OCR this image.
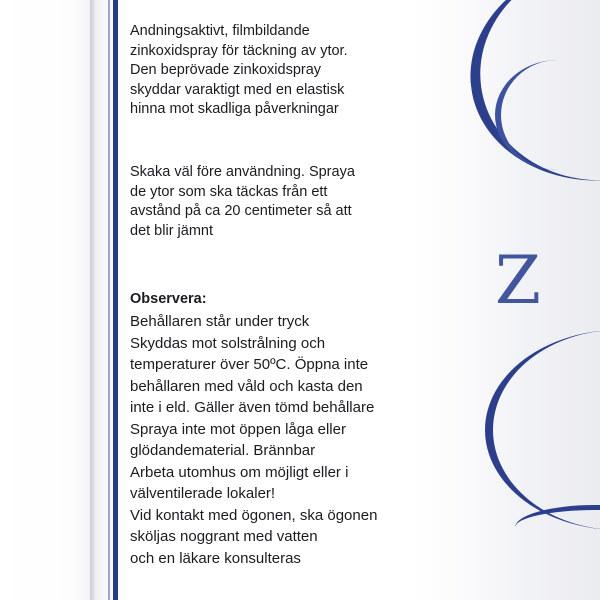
Z
Andningsaktivt, filmbildande
zinkoxidspray för täckning av ytor.
Den beprövade zinkoxidspray
skyddar varaktigt med en elastisk
hinna mot skadliga påverkningar
Skaka väl före användning. Spraya
de ytor som ska täckas från ett
avstånd på ca 20 centimeter så att
det blir jämnt
Observera:
Behållaren står under tryck
Skyddas mot solstrålning och
temperaturer över 50ºC. Öppna inte
behållaren med våld och kasta den
inte i eld. Gäller även tömd behållare
Spraya inte mot öppen låga eller
glödandematerial. Brännbar
Arbeta utomhus om möjligt eller i
välventilerade lokaler!
Vid kontakt med ögonen, ska ögonen
sköljas noggrant med vatten
och en läkare konsulteras
